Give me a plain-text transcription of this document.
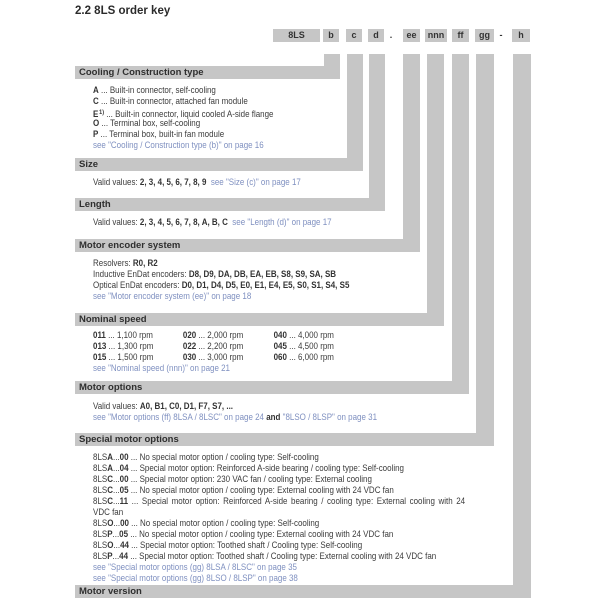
2.2 8LS order key
8LS	b	c	d	.	ee	nnn	ff	gg	-	h
Cooling / Construction type
A ... Built-in connector, self-cooling
C ... Built-in connector, attached fan module
$E^{1)}$ ... Built-in connector, liquid cooled A-side flange
O ... Terminal box, self-cooling
P ... Terminal box, built-in fan module
see "Cooling / Construction type (b)" on page 16
Size
Valid values: 2, 3, 4, 5, 6, 7, 8, 9 see "Size (c)" on page 17
Length
Valid values: 2, 3, 4, 5, 6, 7, 8, A, B, C see "Length (d)" on page 17
Motor encoder system
Resolvers: R0, R2
Inductive EnDat encoders: D8, D9, DA, DB, EA, EB, S8, S9, SA, SB
Optical EnDat encoders: D0, D1, D4, D5, E0, E1, E4, E5, S0, S1, S4, S5
see "Motor encoder system (ee)" on page 18
Nominal speed
011 ... 1,100 rpm	020 ... 2,000 rpm	040 ... 4,000 rpm
013 ... 1,300 rpm	022 ... 2,200 rpm	045 ... 4,500 rpm
015 ... 1,500 rpm	030 ... 3,000 rpm	060 ... 6,000 rpm
see "Nominal speed (nnn)" on page 21
Motor options
Valid values: A0, B1, C0, D1, F7, S7, ...
see "Motor options (ff) 8LSA / 8LSC" on page 24 and "8LSO / 8LSP" on page 31
Special motor options
8LSA...00 ... No special motor option / cooling type: Self-cooling
8LSA...04 ... Special motor option: Reinforced A-side bearing / cooling type: Self-cooling
8LSC...00 ... Special motor option: 230 VAC fan / cooling type: External cooling
8LSC...05 ... No special motor option / cooling type: External cooling with 24 VDC fan
8LSC...11 ... Special motor option: Reinforced A-side bearing / cooling type: External cooling with 24 VDC fan
8LSO...00 ... No special motor option / cooling type: Self-cooling
8LSP...05 ... No special motor option / cooling type: External cooling with 24 VDC fan
8LSO...44 ... Special motor option: Toothed shaft / Cooling type: Self-cooling
8LSP...44 ... Special motor option: Toothed shaft / Cooling type: External cooling with 24 VDC fan
see "Special motor options (gg) 8LSA / 8LSC" on page 35
see "Special motor options (gg) 8LSO / 8LSP" on page 38
Motor version
